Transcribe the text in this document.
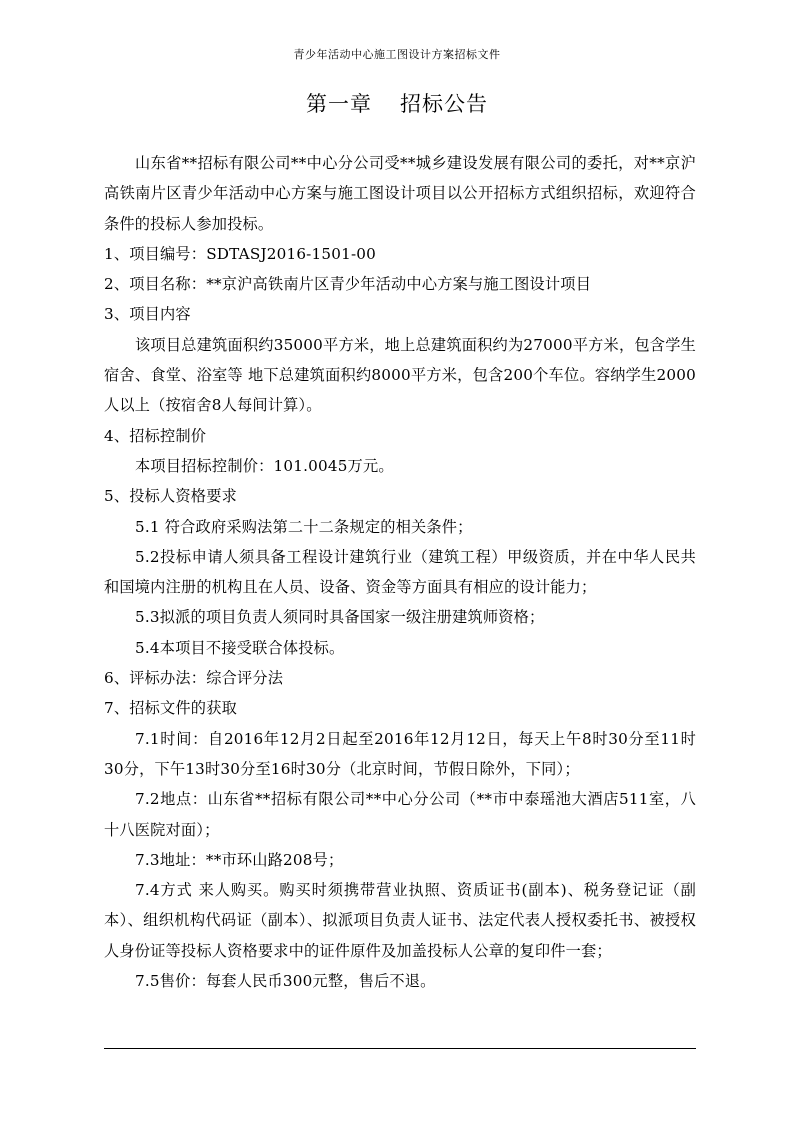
青少年活动中心施工图设计方案招标文件
第一章 招标公告

山东省**招标有限公司**中心分公司受**城乡建设发展有限公司的委托，对**京沪高铁南片区青少年活动中心方案与施工图设计项目以公开招标方式组织招标，欢迎符合条件的投标人参加投标。

1、项目编号：SDTASJ2016-1501-00

2、项目名称：**京沪高铁南片区青少年活动中心方案与施工图设计项目

3、项目内容

该项目总建筑面积约35000平方米，地上总建筑面积约为27000平方米，包含学生宿舍、食堂、浴室等 地下总建筑面积约8000平方米，包含200个车位。容纳学生2000人以上（按宿舍8人每间计算）。

4、招标控制价

本项目招标控制价：101.0045万元。

5、投标人资格要求

5.1 符合政府采购法第二十二条规定的相关条件；

5.2投标申请人须具备工程设计建筑行业（建筑工程）甲级资质，并在中华人民共和国境内注册的机构且在人员、设备、资金等方面具有相应的设计能力；

5.3拟派的项目负责人须同时具备国家一级注册建筑师资格；

5.4本项目不接受联合体投标。

6、评标办法：综合评分法

7、招标文件的获取

7.1时间：自2016年12月2日起至2016年12月12日，每天上午8时30分至11时30分，下午13时30分至16时30分（北京时间，节假日除外，下同）；

7.2地点：山东省**招标有限公司**中心分公司（**市中泰瑶池大酒店511室，八十八医院对面）；

7.3地址：**市环山路208号；

7.4方式 来人购买。购买时须携带营业执照、资质证书(副本)、税务登记证（副本）、组织机构代码证（副本）、拟派项目负责人证书、法定代表人授权委托书、被授权人身份证等投标人资格要求中的证件原件及加盖投标人公章的复印件一套；

7.5售价：每套人民币300元整，售后不退。
